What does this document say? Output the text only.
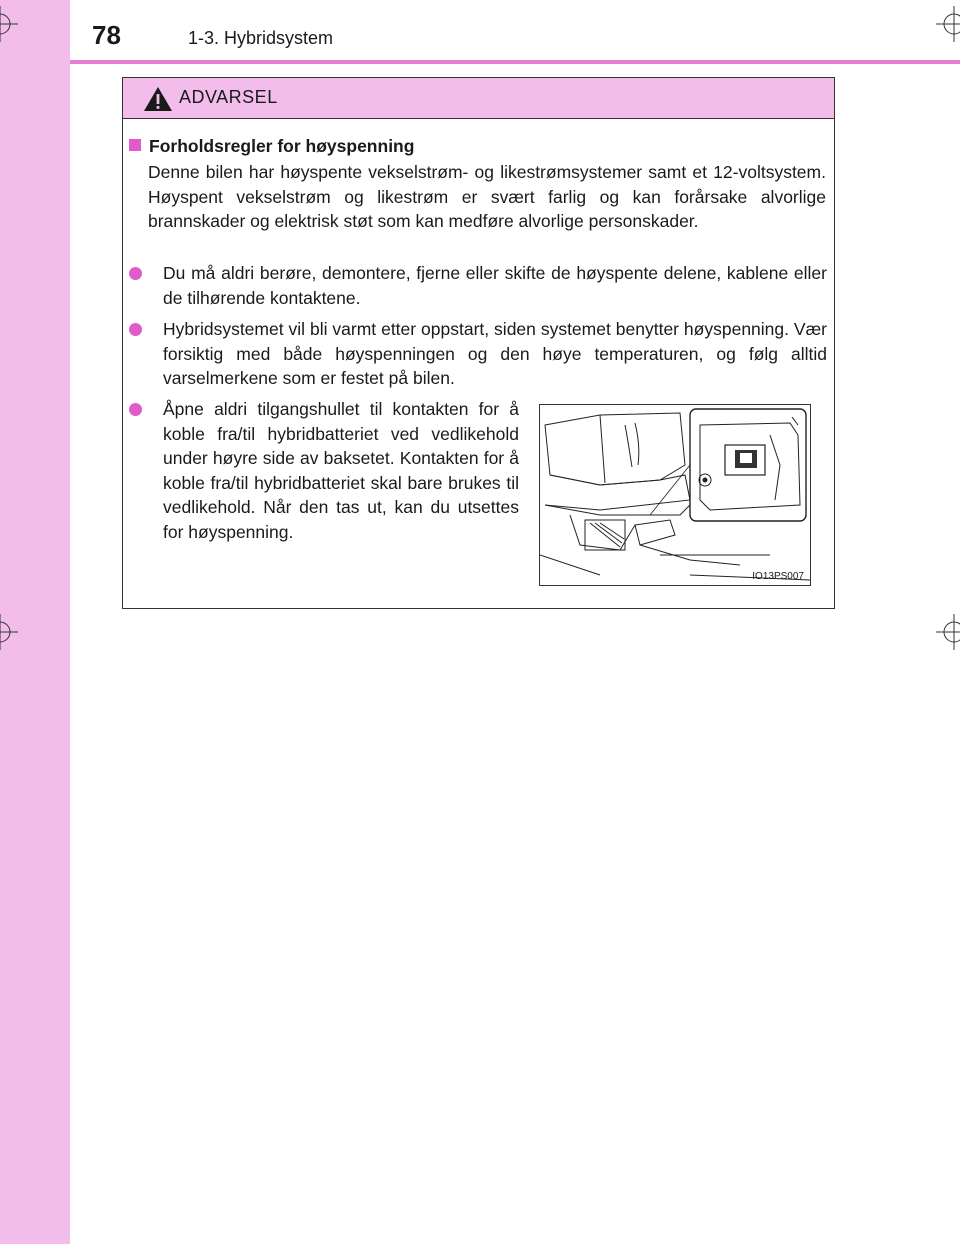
78	1-3. Hybridsystem
ADVARSEL
Forholdsregler for høyspenning
Denne bilen har høyspente vekselstrøm- og likestrømsystemer samt et 12-voltsystem. Høyspent vekselstrøm og likestrøm er svært farlig og kan forårsake alvorlige brannskader og elektrisk støt som kan medføre alvorlige personskader.
Du må aldri berøre, demontere, fjerne eller skifte de høyspente delene, kablene eller de tilhørende kontaktene.
Hybridsystemet vil bli varmt etter oppstart, siden systemet benytter høyspenning. Vær forsiktig med både høyspenningen og den høye temperaturen, og følg alltid varselmerkene som er festet på bilen.
Åpne aldri tilgangshullet til kontakten for å koble fra/til hybridbatteriet ved vedlikehold under høyre side av baksetet. Kontakten for å koble fra/til hybridbatteriet skal bare brukes til vedlikehold. Når den tas ut, kan du utsettes for høyspenning.
IO13PS007
